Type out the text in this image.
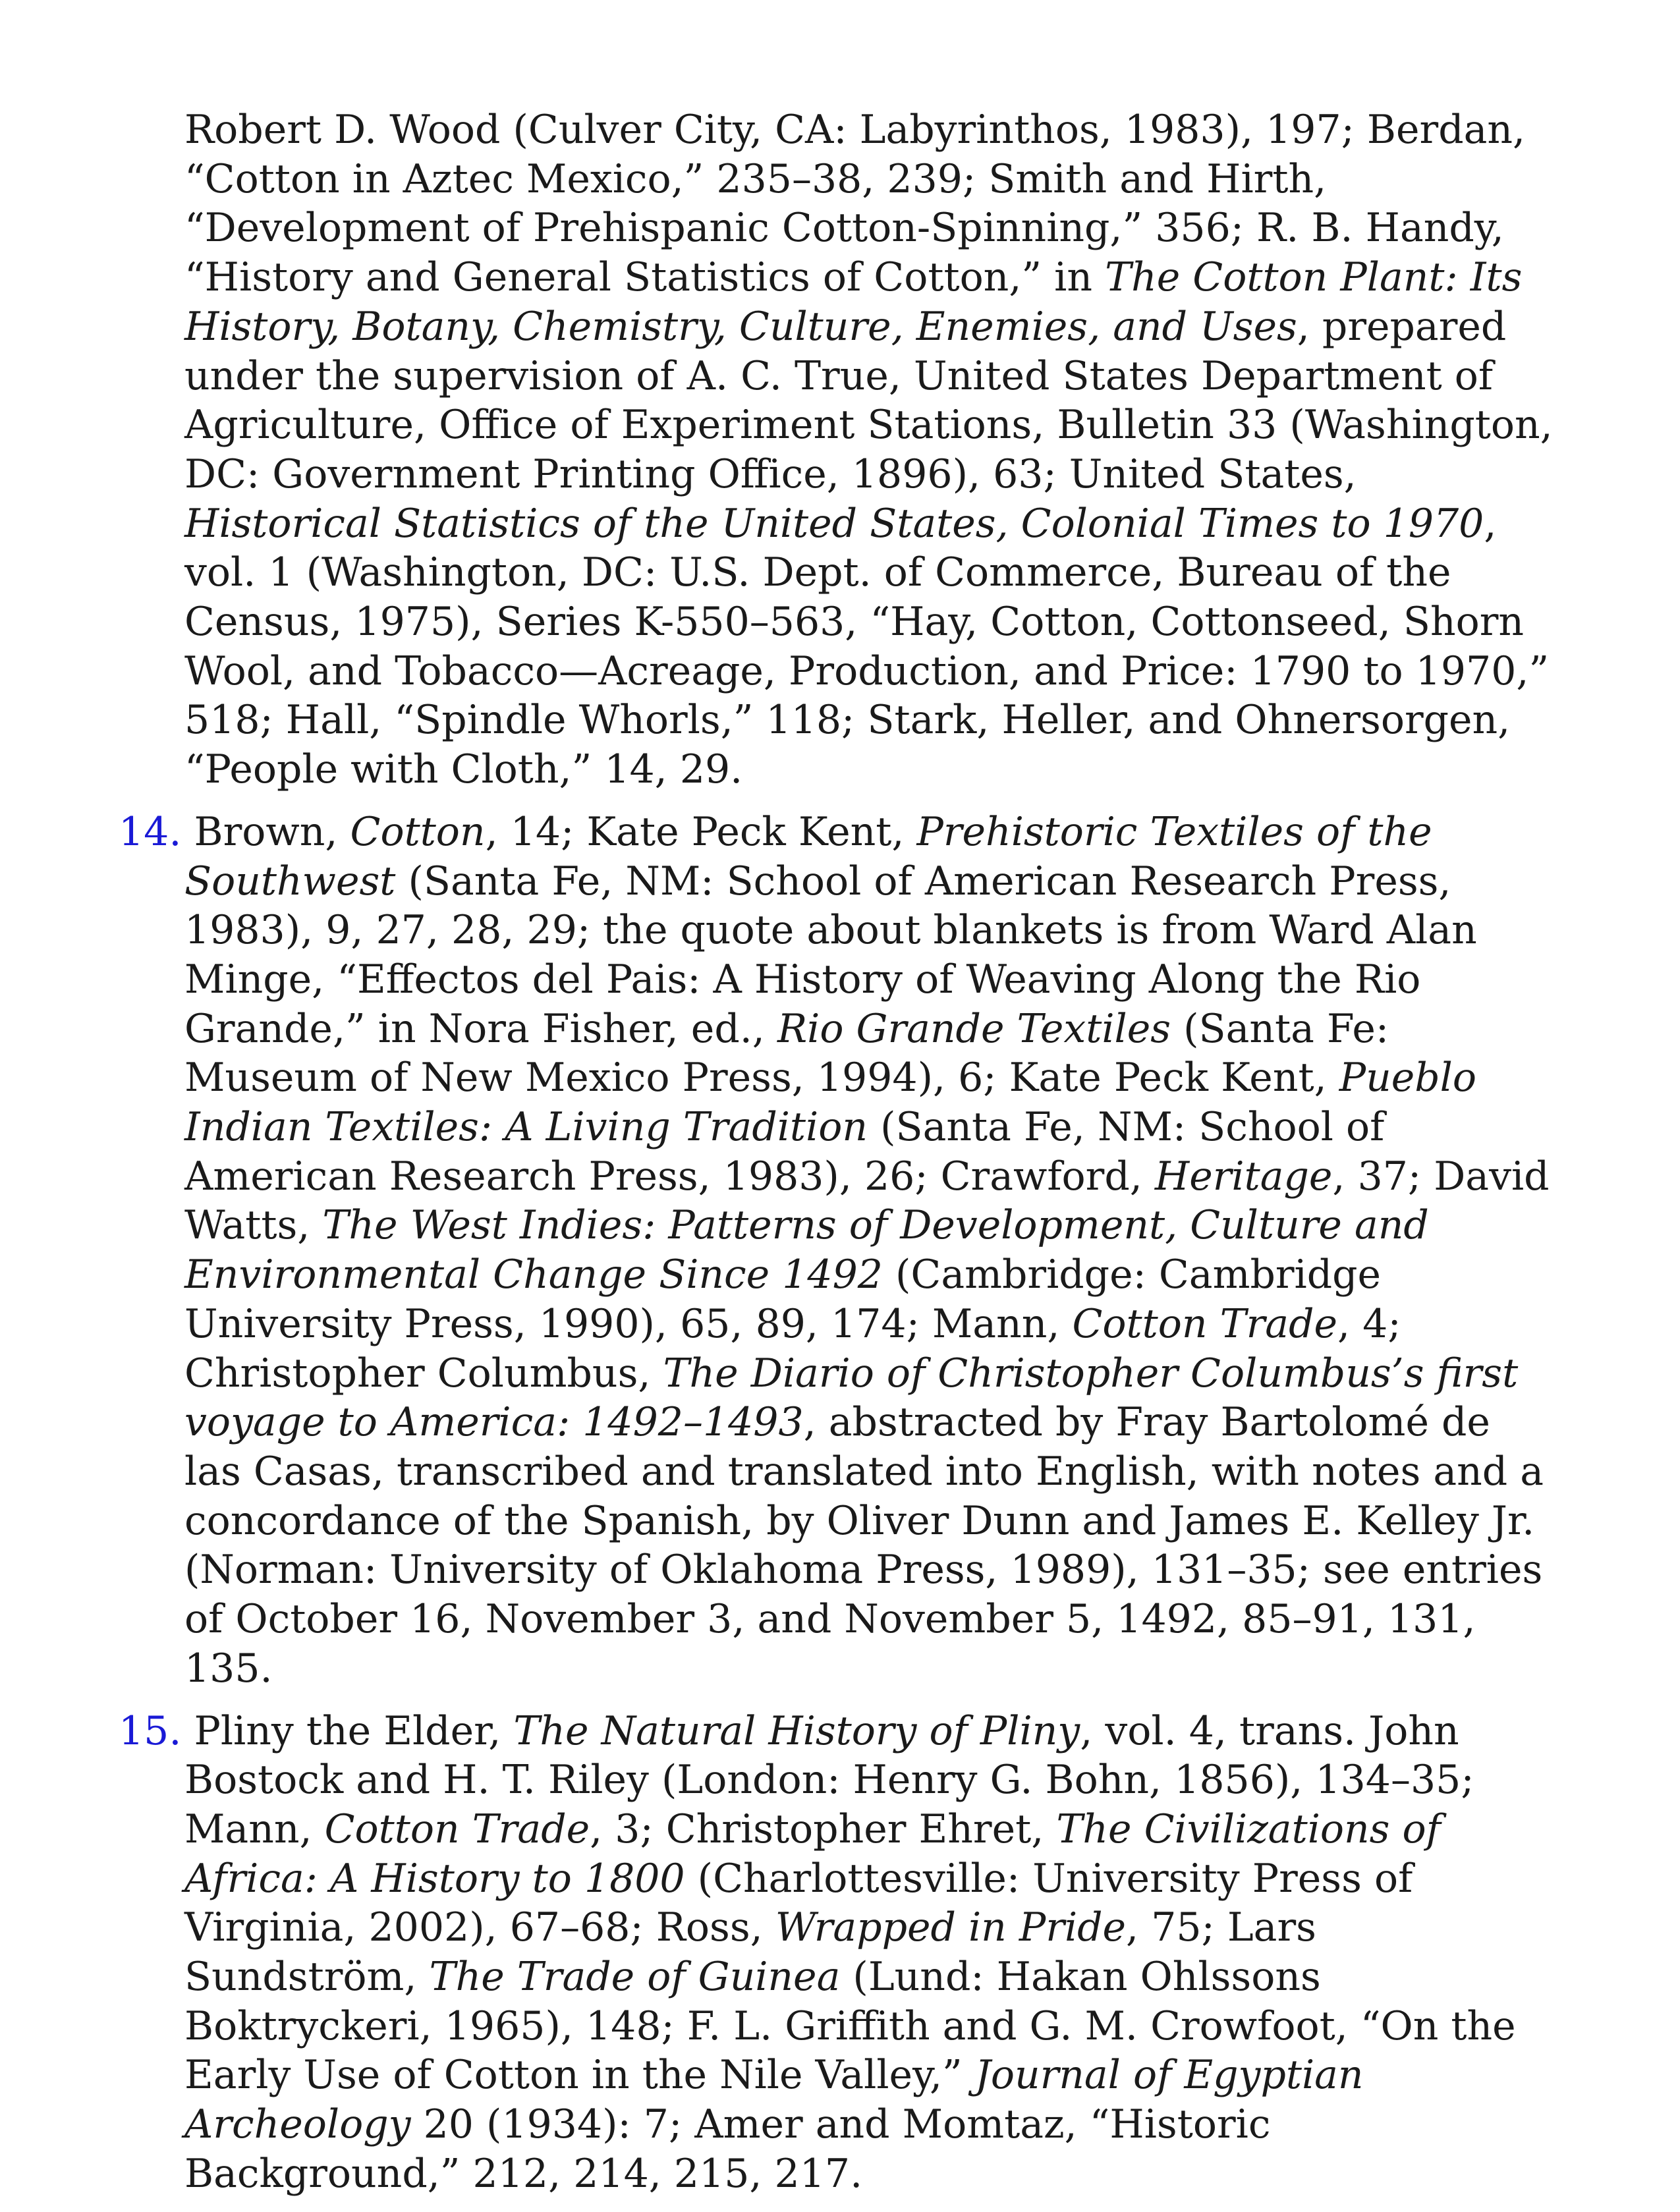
Robert D. Wood (Culver City, CA: Labyrinthos, 1983), 197; Berdan, “Cotton in Aztec Mexico,” 235–38, 239; Smith and Hirth, “Development of Prehispanic Cotton-Spinning,” 356; R. B. Handy, “History and General Statistics of Cotton,” in The Cotton Plant: Its History, Botany, Chemistry, Culture, Enemies, and Uses, prepared under the supervision of A. C. True, United States Department of Agriculture, Office of Experiment Stations, Bulletin 33 (Washington, DC: Government Printing Office, 1896), 63; United States, Historical Statistics of the United States, Colonial Times to 1970, vol. 1 (Washington, DC: U.S. Dept. of Commerce, Bureau of the Census, 1975), Series K-550–563, “Hay, Cotton, Cottonseed, Shorn Wool, and Tobacco—Acreage, Production, and Price: 1790 to 1970,” 518; Hall, “Spindle Whorls,” 118; Stark, Heller, and Ohnersorgen, “People with Cloth,” 14, 29.

14. Brown, Cotton, 14; Kate Peck Kent, Prehistoric Textiles of the Southwest (Santa Fe, NM: School of American Research Press, 1983), 9, 27, 28, 29; the quote about blankets is from Ward Alan Minge, “Effectos del Pais: A History of Weaving Along the Rio Grande,” in Nora Fisher, ed., Rio Grande Textiles (Santa Fe: Museum of New Mexico Press, 1994), 6; Kate Peck Kent, Pueblo Indian Textiles: A Living Tradition (Santa Fe, NM: School of American Research Press, 1983), 26; Crawford, Heritage, 37; David Watts, The West Indies: Patterns of Development, Culture and Environmental Change Since 1492 (Cambridge: Cambridge University Press, 1990), 65, 89, 174; Mann, Cotton Trade, 4; Christopher Columbus, The Diario of Christopher Columbus’s first voyage to America: 1492–1493, abstracted by Fray Bartolomé de las Casas, transcribed and translated into English, with notes and a concordance of the Spanish, by Oliver Dunn and James E. Kelley Jr. (Norman: University of Oklahoma Press, 1989), 131–35; see entries of October 16, November 3, and November 5, 1492, 85–91, 131, 135.

15. Pliny the Elder, The Natural History of Pliny, vol. 4, trans. John Bostock and H. T. Riley (London: Henry G. Bohn, 1856), 134–35; Mann, Cotton Trade, 3; Christopher Ehret, The Civilizations of Africa: A History to 1800 (Charlottesville: University Press of Virginia, 2002), 67–68; Ross, Wrapped in Pride, 75; Lars Sundström, The Trade of Guinea (Lund: Hakan Ohlssons Boktryckeri, 1965), 148; F. L. Griffith and G. M. Crowfoot, “On the Early Use of Cotton in the Nile Valley,” Journal of Egyptian Archeology 20 (1934): 7; Amer and Momtaz, “Historic Background,” 212, 214, 215, 217.
